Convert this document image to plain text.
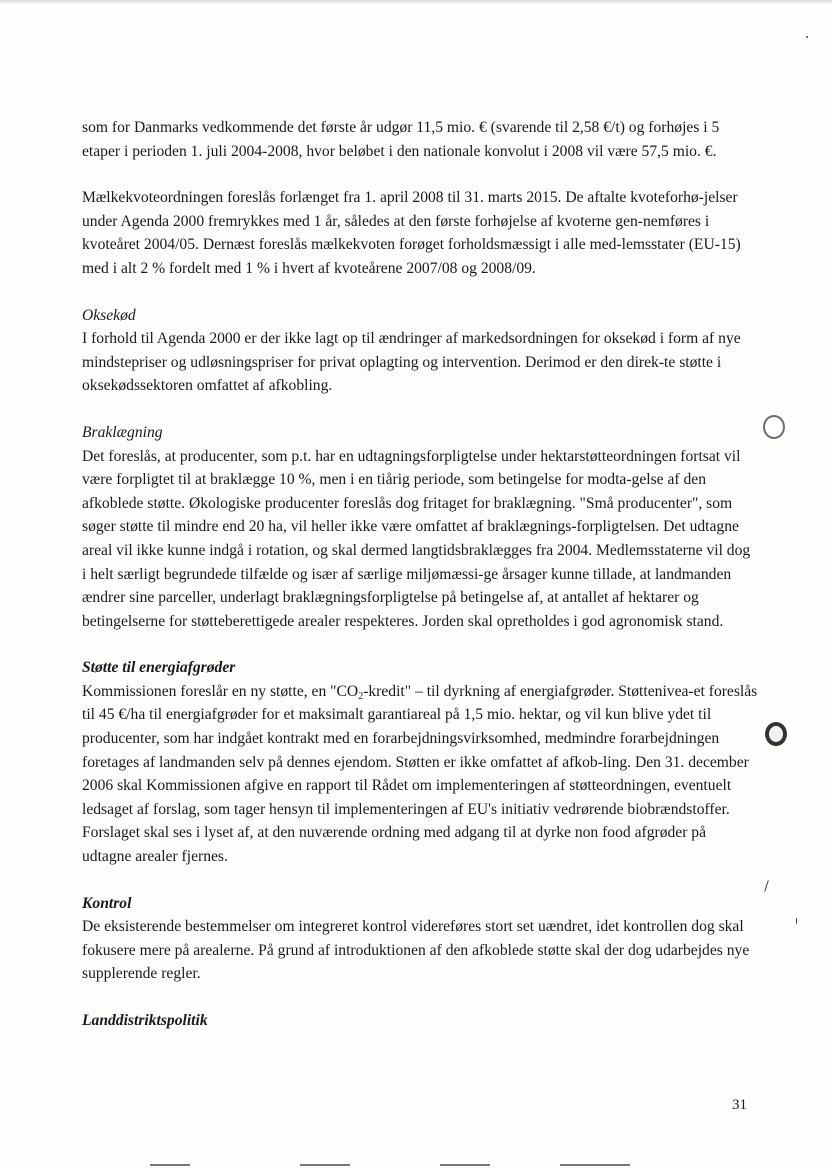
som for Danmarks vedkommende det første år udgør 11,5 mio. € (svarende til 2,58 €/t) og forhøjes i 5 etaper i perioden 1. juli 2004-2008, hvor beløbet i den nationale konvolut i 2008 vil være 57,5 mio. €.

Mælkekvoteordningen foreslås forlænget fra 1. april 2008 til 31. marts 2015. De aftalte kvoteforhø-jelser under Agenda 2000 fremrykkes med 1 år, således at den første forhøjelse af kvoterne gen-nemføres i kvoteåret 2004/05. Dernæst foreslås mælkekvoten forøget forholdsmæssigt i alle med-lemsstater (EU-15) med i alt 2 % fordelt med 1 % i hvert af kvoteårene 2007/08 og 2008/09.

Oksekød

I forhold til Agenda 2000 er der ikke lagt op til ændringer af markedsordningen for oksekød i form af nye mindstepriser og udløsningspriser for privat oplagting og intervention. Derimod er den direk-te støtte i oksekødssektoren omfattet af afkobling.

Braklægning

Det foreslås, at producenter, som p.t. har en udtagningsforpligtelse under hektarstøtteordningen fortsat vil være forpligtet til at braklægge 10 %, men i en tiårig periode, som betingelse for modta-gelse af den afkoblede støtte. Økologiske producenter foreslås dog fritaget for braklægning. "Små producenter", som søger støtte til mindre end 20 ha, vil heller ikke være omfattet af braklægnings-forpligtelsen. Det udtagne areal vil ikke kunne indgå i rotation, og skal dermed langtidsbraklægges fra 2004. Medlemsstaterne vil dog i helt særligt begrundede tilfælde og især af særlige miljømæssi-ge årsager kunne tillade, at landmanden ændrer sine parceller, underlagt braklægningsforpligtelse på betingelse af, at antallet af hektarer og betingelserne for støtteberettigede arealer respekteres. Jorden skal opretholdes i god agronomisk stand.

Støtte til energiafgrøder

Kommissionen foreslår en ny støtte, en "$CO_2$-kredit" – til dyrkning af energiafgrøder. Støttenivea-et foreslås til 45 €/ha til energiafgrøder for et maksimalt garantiareal på 1,5 mio. hektar, og vil kun blive ydet til producenter, som har indgået kontrakt med en forarbejdningsvirksomhed, medmindre forarbejdningen foretages af landmanden selv på dennes ejendom. Støtten er ikke omfattet af afkob-ling. Den 31. december 2006 skal Kommissionen afgive en rapport til Rådet om implementeringen af støtteordningen, eventuelt ledsaget af forslag, som tager hensyn til implementeringen af EU's initiativ vedrørende biobrændstoffer. Forslaget skal ses i lyset af, at den nuværende ordning med adgang til at dyrke non food afgrøder på udtagne arealer fjernes.

Kontrol

De eksisterende bestemmelser om integreret kontrol videreføres stort set uændret, idet kontrollen dog skal fokusere mere på arealerne. På grund af introduktionen af den afkoblede støtte skal der dog udarbejdes nye supplerende regler.

Landdistriktspolitik

31
